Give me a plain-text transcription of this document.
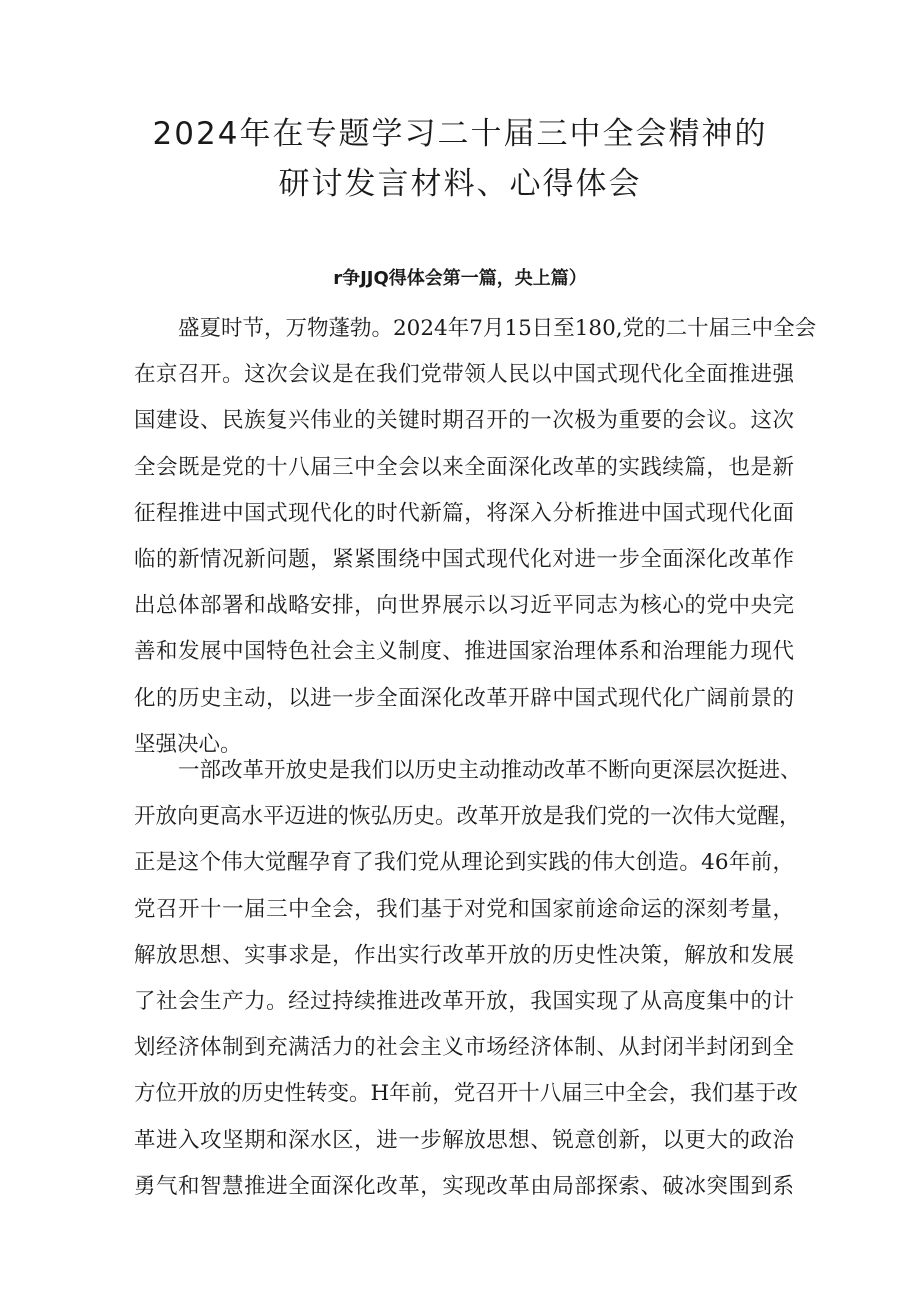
2024年在专题学习二十届三中全会精神的
研讨发言材料、心得体会
r争JJQ得体会第一篇，央上篇）
盛夏时节，万物蓬勃。2024年7月15日至180,党的二十届三中全会
在京召开。这次会议是在我们党带领人民以中国式现代化全面推进强
国建设、民族复兴伟业的关键时期召开的一次极为重要的会议。这次
全会既是党的十八届三中全会以来全面深化改革的实践续篇，也是新
征程推进中国式现代化的时代新篇，将深入分析推进中国式现代化面
临的新情况新问题，紧紧围绕中国式现代化对进一步全面深化改革作
出总体部署和战略安排，向世界展示以习近平同志为核心的党中央完
善和发展中国特色社会主义制度、推进国家治理体系和治理能力现代
化的历史主动，以进一步全面深化改革开辟中国式现代化广阔前景的
坚强决心。
一部改革开放史是我们以历史主动推动改革不断向更深层次挺进、
开放向更高水平迈进的恢弘历史。改革开放是我们党的一次伟大觉醒，
正是这个伟大觉醒孕育了我们党从理论到实践的伟大创造。46年前，
党召开十一届三中全会，我们基于对党和国家前途命运的深刻考量，
解放思想、实事求是，作出实行改革开放的历史性决策，解放和发展
了社会生产力。经过持续推进改革开放，我国实现了从高度集中的计
划经济体制到充满活力的社会主义市场经济体制、从封闭半封闭到全
方位开放的历史性转变。H年前，党召开十八届三中全会，我们基于改
革进入攻坚期和深水区，进一步解放思想、锐意创新，以更大的政治
勇气和智慧推进全面深化改革，实现改革由局部探索、破冰突围到系
